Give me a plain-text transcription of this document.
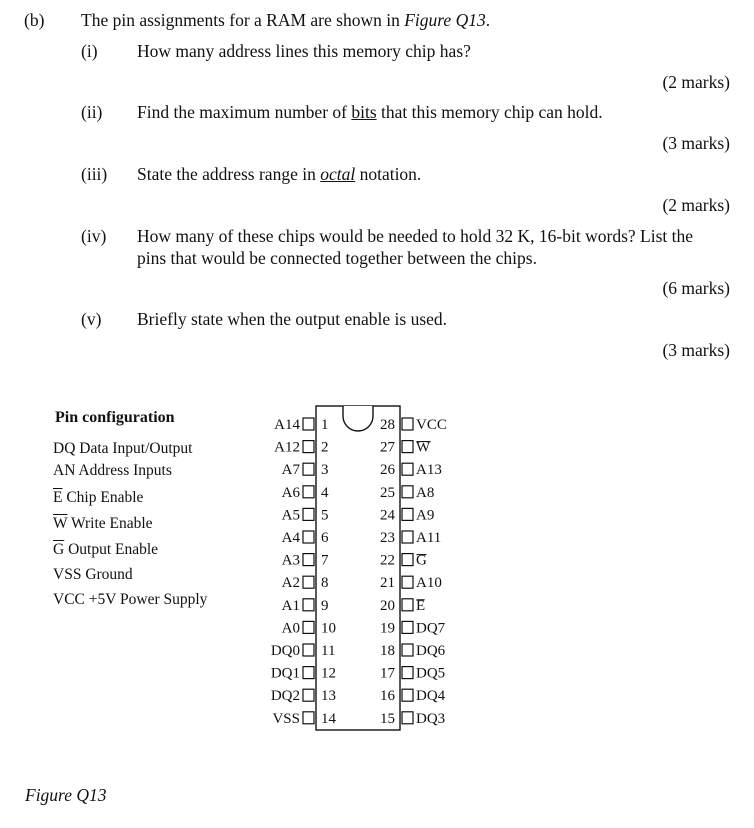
(b) The pin assignments for a RAM are shown in Figure Q13.
(i) How many address lines this memory chip has?
(2 marks)
(ii) Find the maximum number of bits that this memory chip can hold.
(3 marks)
(iii) State the address range in octal notation.
(2 marks)
(iv) How many of these chips would be needed to hold 32 K, 16-bit words? List the
pins that would be connected together between the chips.
(6 marks)
(v) Briefly state when the output enable is used.
(3 marks)
Pin configuration
DQ Data Input/Output
AN Address Inputs
$\overline{E}$ Chip Enable
$\overline{W}$ Write Enable
$\overline{G}$ Output Enable
VSS Ground
VCC +5V Power Supply
A14 1
A12 2
A7 3
A6 4
A5 5
A4 6
A3 7
A2 8
A1 9
A0 10
DQ0 11
DQ1 12
DQ2 13
VSS 14
28 VCC
27 W
26 A13
25 A8
24 A9
23 A11
22 G
21 A10
20 E
19 DQ7
18 DQ6
17 DQ5
16 DQ4
15 DQ3
Figure Q13
